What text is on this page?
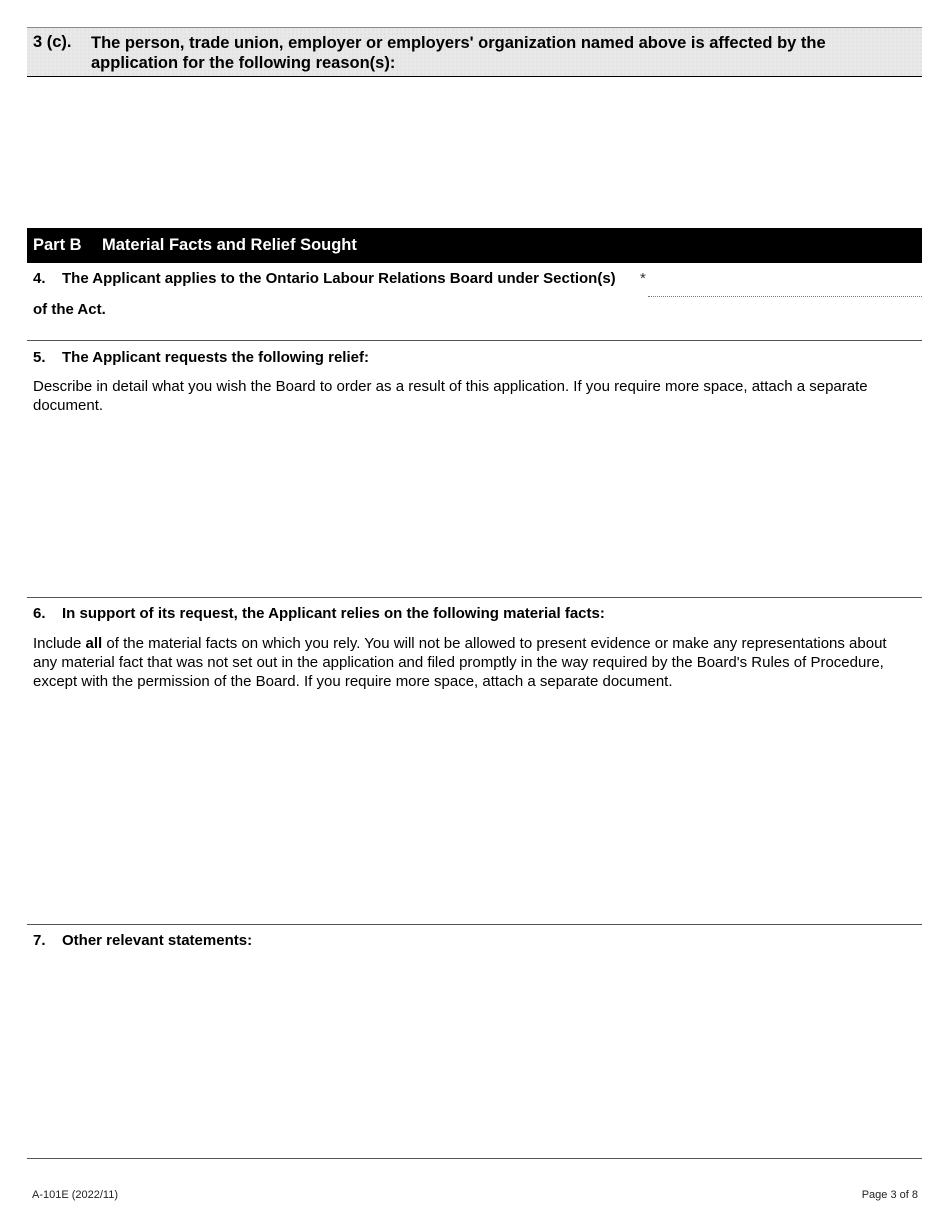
3 (c). The person, trade union, employer or employers' organization named above is affected by the application for the following reason(s):
Part B Material Facts and Relief Sought
4. The Applicant applies to the Ontario Labour Relations Board under Section(s) *
of the Act.
5. The Applicant requests the following relief:
Describe in detail what you wish the Board to order as a result of this application. If you require more space, attach a separate document.
6. In support of its request, the Applicant relies on the following material facts:
Include all of the material facts on which you rely. You will not be allowed to present evidence or make any representations about any material fact that was not set out in the application and filed promptly in the way required by the Board's Rules of Procedure, except with the permission of the Board. If you require more space, attach a separate document.
7. Other relevant statements:
A-101E (2022/11)	Page 3 of 8
